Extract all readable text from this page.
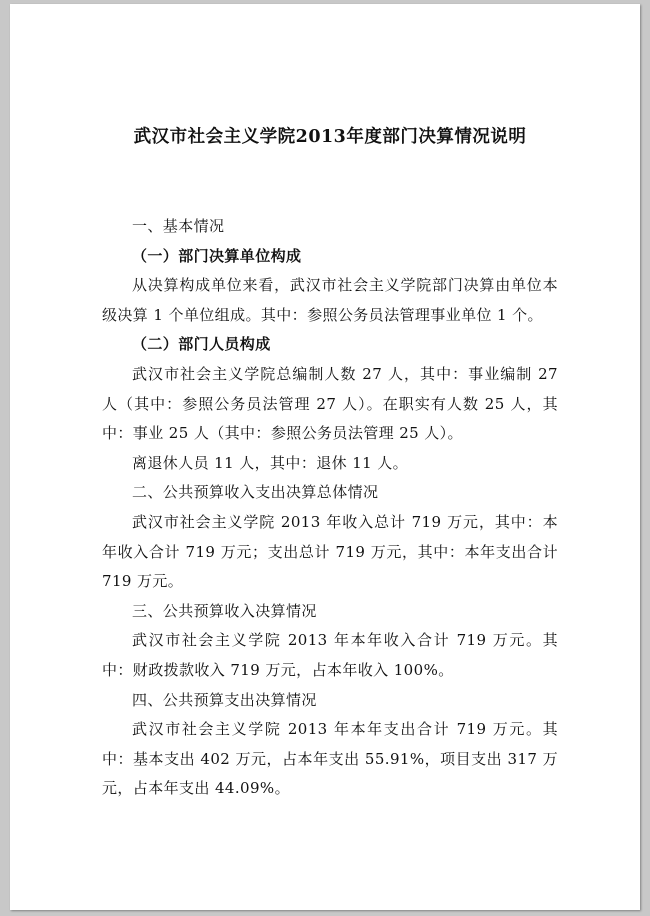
武汉市社会主义学院2013年度部门决算情况说明

一、基本情况

（一）部门决算单位构成

从决算构成单位来看，武汉市社会主义学院部门决算由单位本级决算 1 个单位组成。其中：参照公务员法管理事业单位 1 个。

（二）部门人员构成

武汉市社会主义学院总编制人数 27 人，其中：事业编制 27 人（其中：参照公务员法管理 27 人）。在职实有人数 25 人，其中：事业 25 人（其中：参照公务员法管理 25 人）。

离退休人员 11 人，其中：退休 11 人。

二、公共预算收入支出决算总体情况

武汉市社会主义学院 2013 年收入总计 719 万元，其中：本年收入合计 719 万元；支出总计 719 万元，其中：本年支出合计 719 万元。

三、公共预算收入决算情况

武汉市社会主义学院 2013 年本年收入合计 719 万元。其中：财政拨款收入 719 万元，占本年收入 100%。

四、公共预算支出决算情况

武汉市社会主义学院 2013 年本年支出合计 719 万元。其中：基本支出 402 万元，占本年支出 55.91%，项目支出 317 万元，占本年支出 44.09%。
